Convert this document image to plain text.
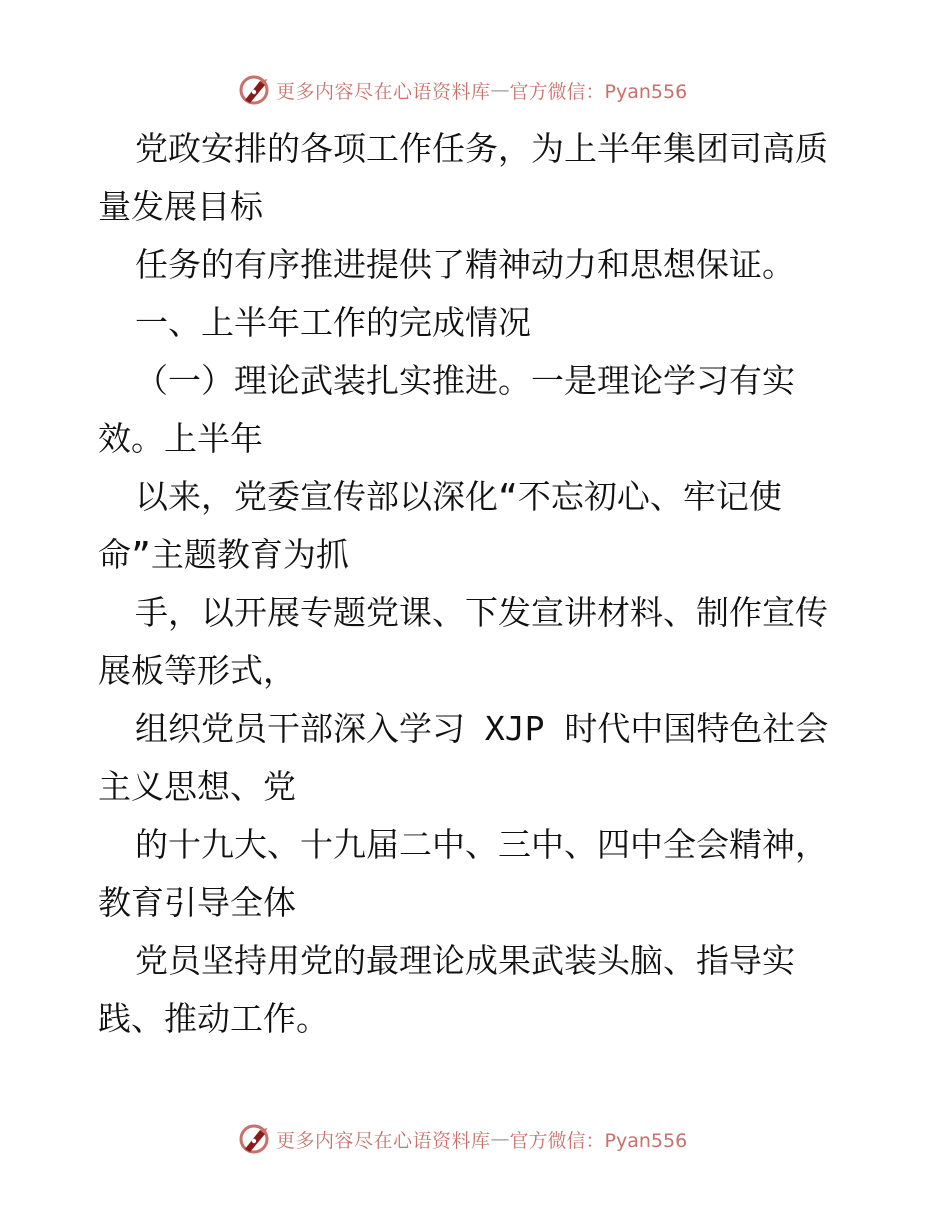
更多内容尽在心语资料库 — 官方微信：Pyan556
党政安排的各项工作任务，为上半年集团司高质
量发展目标
任务的有序推进提供了精神动力和思想保证。
一、上半年工作的完成情况
（一）理论武装扎实推进。一是理论学习有实
效。上半年
以来，党委宣传部以深化“不忘初心、牢记使
命”主题教育为抓
手，以开展专题党课、下发宣讲材料、制作宣传
展板等形式，
组织党员干部深入学习 XJP 时代中国特色社会
主义思想、党
的十九大、十九届二中、三中、四中全会精神，
教育引导全体
党员坚持用党的最理论成果武装头脑、指导实
践、推动工作。
更多内容尽在心语资料库 — 官方微信：Pyan556
